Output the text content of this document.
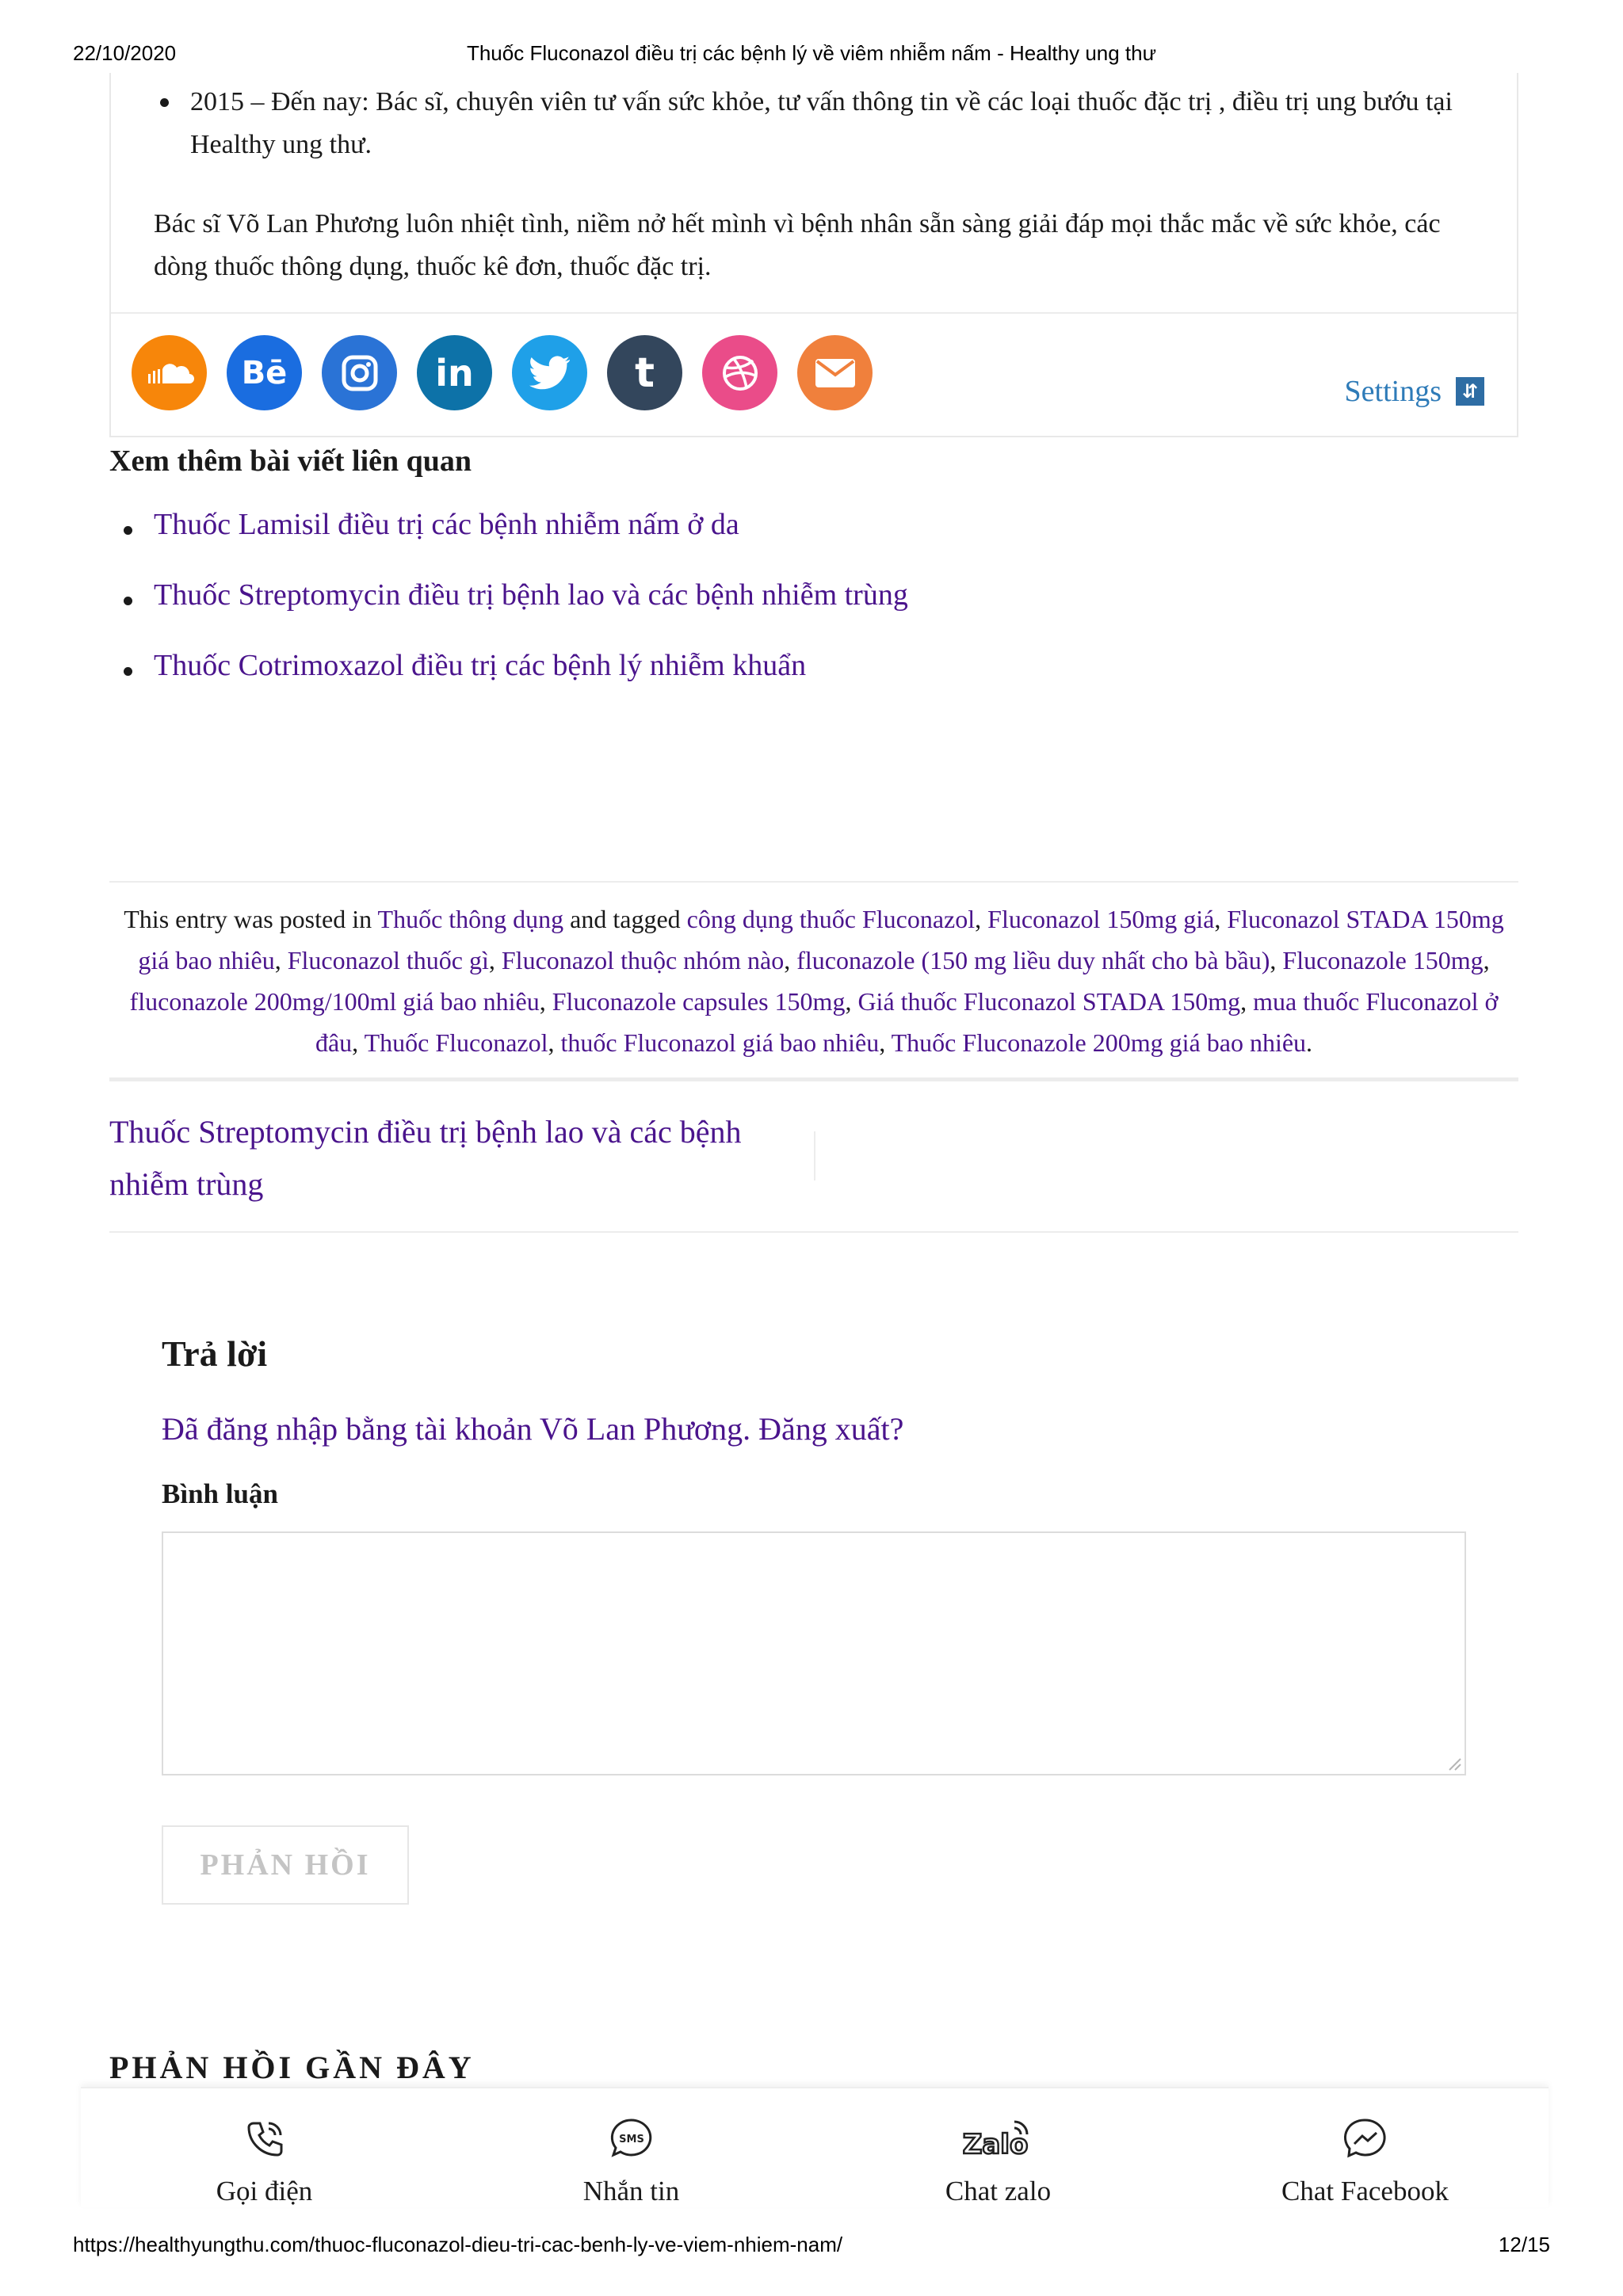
22/10/2020	Thuốc Fluconazol điều trị các bệnh lý về viêm nhiễm nấm - Healthy ung thư
2015 – Đến nay: Bác sĩ, chuyên viên tư vấn sức khỏe, tư vấn thông tin về các loại thuốc đặc trị , điều trị ung bướu tại Healthy ung thư.

Bác sĩ Võ Lan Phương luôn nhiệt tình, niềm nở hết mình vì bệnh nhân sẵn sàng giải đáp mọi thắc mắc về sức khỏe, các dòng thuốc thông dụng, thuốc kê đơn, thuốc đặc trị.

Bē	in	t	Settings	⇵
Xem thêm bài viết liên quan
Thuốc Lamisil điều trị các bệnh nhiễm nấm ở da
Thuốc Streptomycin điều trị bệnh lao và các bệnh nhiễm trùng
Thuốc Cotrimoxazol điều trị các bệnh lý nhiễm khuẩn

This entry was posted in Thuốc thông dụng and tagged công dụng thuốc Fluconazol, Fluconazol 150mg giá, Fluconazol STADA 150mg giá bao nhiêu, Fluconazol thuốc gì, Fluconazol thuộc nhóm nào, fluconazole (150 mg liều duy nhất cho bà bầu), Fluconazole 150mg, fluconazole 200mg/100ml giá bao nhiêu, Fluconazole capsules 150mg, Giá thuốc Fluconazol STADA 150mg, mua thuốc Fluconazol ở đâu, Thuốc Fluconazol, thuốc Fluconazol giá bao nhiêu, Thuốc Fluconazole 200mg giá bao nhiêu.

Thuốc Streptomycin điều trị bệnh lao và các bệnh nhiễm trùng
Trả lời
Đã đăng nhập bằng tài khoản Võ Lan Phương. Đăng xuất?
Bình luận
PHẢN HỒI
PHẢN HỒI GẦN ĐÂY
Gọi điện
SMS
Nhắn tin
Zalo
Chat zalo	Chat Facebook
https://healthyungthu.com/thuoc-fluconazol-dieu-tri-cac-benh-ly-ve-viem-nhiem-nam/	12/15
